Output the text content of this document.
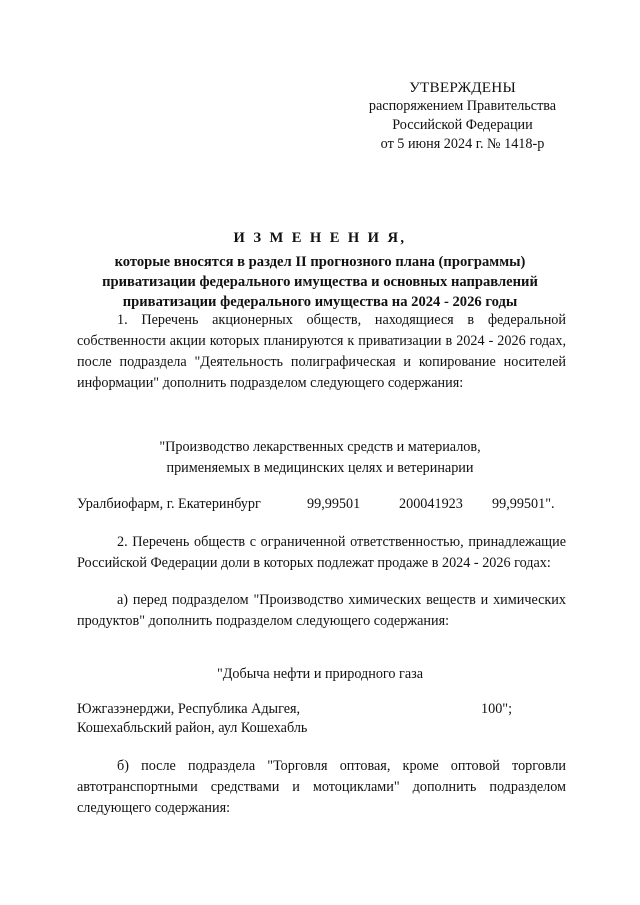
УТВЕРЖДЕНЫ
распоряжением Правительства
Российской Федерации
от 5 июня 2024 г. № 1418-р
И З М Е Н Е Н И Я,
которые вносятся в раздел II прогнозного плана (программы)
приватизации федерального имущества и основных направлений
приватизации федерального имущества на 2024 - 2026 годы
1. Перечень акционерных обществ, находящиеся в федеральной собственности акции которых планируются к приватизации в 2024 - 2026 годах, после подраздела "Деятельность полиграфическая и копирование носителей информации" дополнить подразделом следующего содержания:
"Производство лекарственных средств и материалов,
применяемых в медицинских целях и ветеринарии
Уралбиофарм, г. Екатеринбург	99,99501	200041923 99,99501".
2. Перечень обществ с ограниченной ответственностью, принадлежащие Российской Федерации доли в которых подлежат продаже в 2024 - 2026 годах:
а) перед подразделом "Производство химических веществ и химических продуктов" дополнить подразделом следующего содержания:
"Добыча нефти и природного газа
Южгазэнерджи, Республика Адыгея,	100";
Кошехабльский район, аул Кошехабль
б) после подраздела "Торговля оптовая, кроме оптовой торговли автотранспортными средствами и мотоциклами" дополнить подразделом следующего содержания:
